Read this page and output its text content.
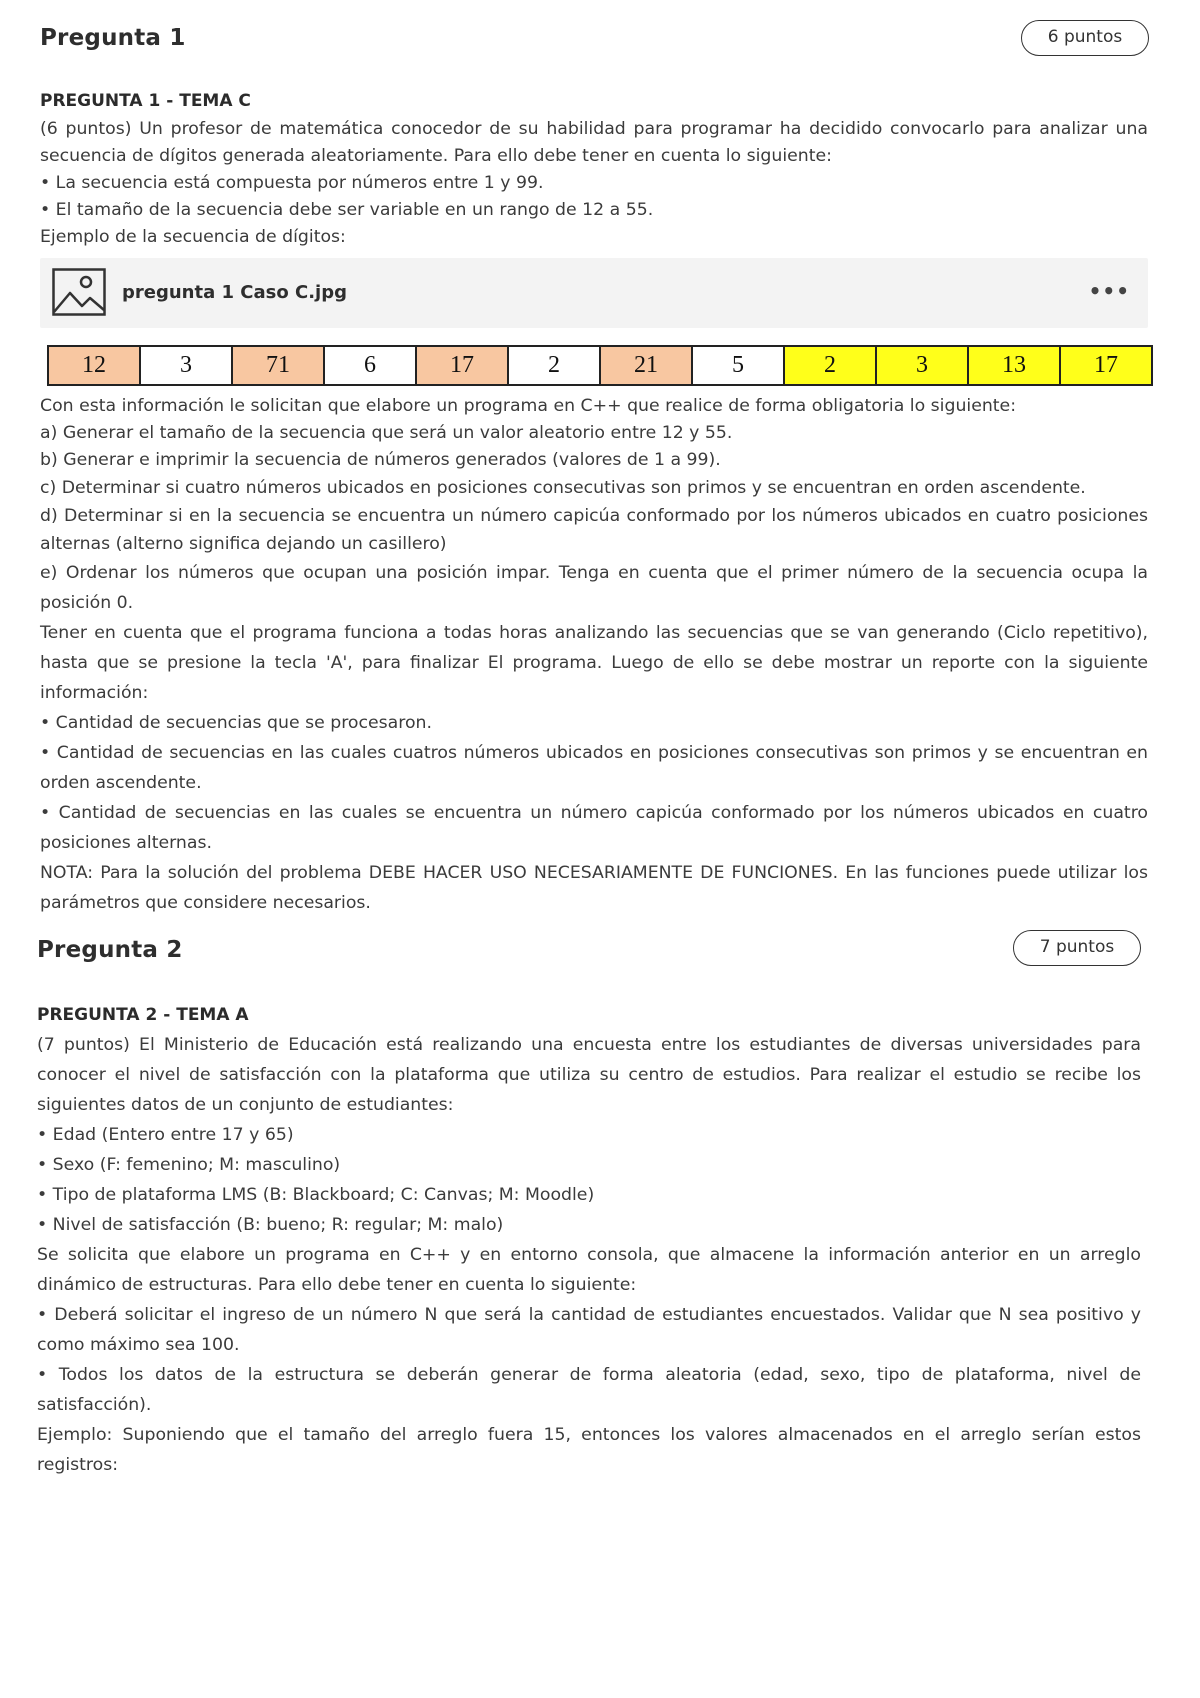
Pregunta 1	6 puntos
PREGUNTA 1 - TEMA C

(6 puntos) Un profesor de matemática conocedor de su habilidad para programar ha decidido convocarlo para analizar una secuencia de dígitos generada aleatoriamente. Para ello debe tener en cuenta lo siguiente:

• La secuencia está compuesta por números entre 1 y 99.

• El tamaño de la secuencia debe ser variable en un rango de 12 a 55.

Ejemplo de la secuencia de dígitos:

pregunta 1 Caso C.jpg	•••
12	3	71	6	17	2	21	5	2	3	13	17

Con esta información le solicitan que elabore un programa en C++ que realice de forma obligatoria lo siguiente:

a) Generar el tamaño de la secuencia que será un valor aleatorio entre 12 y 55.

b) Generar e imprimir la secuencia de números generados (valores de 1 a 99).

c) Determinar si cuatro números ubicados en posiciones consecutivas son primos y se encuentran en orden ascendente.

d) Determinar si en la secuencia se encuentra un número capicúa conformado por los números ubicados en cuatro posiciones alternas (alterno significa dejando un casillero)

e) Ordenar los números que ocupan una posición impar. Tenga en cuenta que el primer número de la secuencia ocupa la posición 0.

Tener en cuenta que el programa funciona a todas horas analizando las secuencias que se van generando (Ciclo repetitivo), hasta que se presione la tecla 'A', para finalizar El programa. Luego de ello se debe mostrar un reporte con la siguiente información:

• Cantidad de secuencias que se procesaron.

• Cantidad de secuencias en las cuales cuatros números ubicados en posiciones consecutivas son primos y se encuentran en orden ascendente.

• Cantidad de secuencias en las cuales se encuentra un número capicúa conformado por los números ubicados en cuatro posiciones alternas.

NOTA: Para la solución del problema DEBE HACER USO NECESARIAMENTE DE FUNCIONES. En las funciones puede utilizar los parámetros que considere necesarios.

Pregunta 2	7 puntos
PREGUNTA 2 - TEMA A

(7 puntos) El Ministerio de Educación está realizando una encuesta entre los estudiantes de diversas universidades para conocer el nivel de satisfacción con la plataforma que utiliza su centro de estudios. Para realizar el estudio se recibe los siguientes datos de un conjunto de estudiantes:

• Edad (Entero entre 17 y 65)

• Sexo (F: femenino; M: masculino)

• Tipo de plataforma LMS (B: Blackboard; C: Canvas; M: Moodle)

• Nivel de satisfacción (B: bueno; R: regular; M: malo)

Se solicita que elabore un programa en C++ y en entorno consola, que almacene la información anterior en un arreglo dinámico de estructuras. Para ello debe tener en cuenta lo siguiente:

• Deberá solicitar el ingreso de un número N que será la cantidad de estudiantes encuestados. Validar que N sea positivo y como máximo sea 100.

• Todos los datos de la estructura se deberán generar de forma aleatoria (edad, sexo, tipo de plataforma, nivel de satisfacción).

Ejemplo: Suponiendo que el tamaño del arreglo fuera 15, entonces los valores almacenados en el arreglo serían estos registros:
